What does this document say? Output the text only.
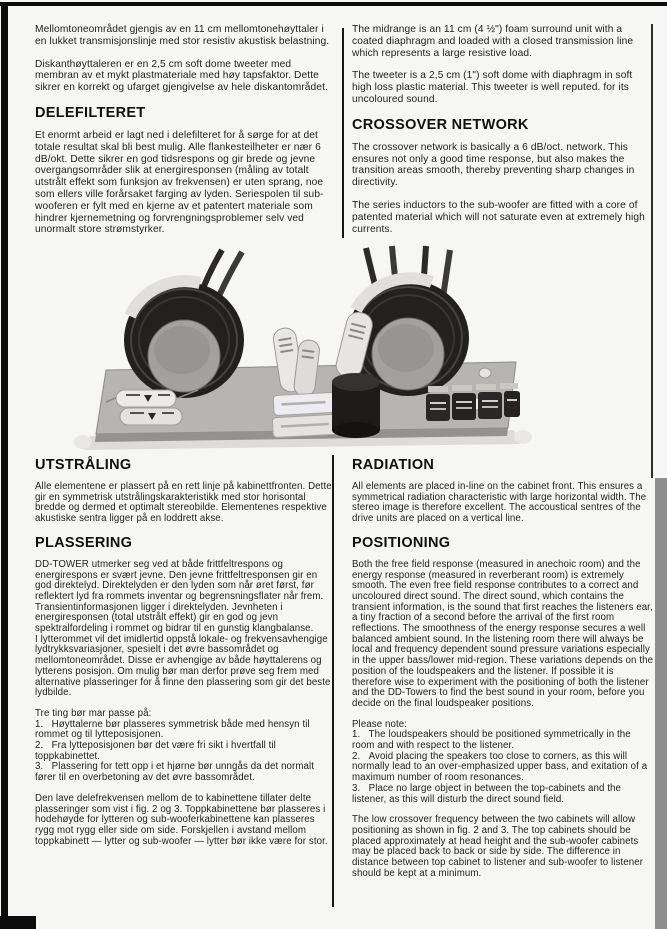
Mellomtoneområdet gjengis av en 11 cm mellomtonehøyttaler i en lukket transmisjonslinje med stor resistiv akustisk belastning.

Diskanthøyttaleren er en 2,5 cm soft dome tweeter med membran av et mykt plastmateriale med høy tapsfaktor. Dette sikrer en korrekt og ufarget gjengivelse av hele diskantområdet.

DELEFILTERET

Et enormt arbeid er lagt ned i delefilteret for å sørge for at det totale resultat skal bli best mulig. Alle flankesteilheter er nær 6 dB/okt. Dette sikrer en god tidsrespons og gir brede og jevne overgangsområder slik at energiresponsen (måling av totalt utstrålt effekt som funksjon av frekvensen) er uten sprang, noe som ellers ville forårsaket farging av lyden. Seriespolen til sub-wooferen er fylt med en kjerne av et patentert materiale som hindrer kjernemetning og forvrengningsproblemer selv ved unormalt store strømstyrker.

The midrange is an 11 cm (4 ½") foam surround unit with a coated diaphragm and loaded with a closed transmission line which represents a large resistive load.

The tweeter is a 2,5 cm (1") soft dome with diaphragm in soft high loss plastic material. This tweeter is well reputed. for its uncoloured sound.

CROSSOVER NETWORK

The crossover network is basically a 6 dB/oct. network. This ensures not only a good time response, but also makes the transition areas smooth, thereby preventing sharp changes in directivity.

The series inductors to the sub-woofer are fitted with a core of patented material which will not saturate even at extremely high currents.

UTSTRÅLING

Alle elementene er plassert på en rett linje på kabinettfronten. Dette gir en symmetrisk utstrålingskarakteristikk med stor horisontal bredde og dermed et optimalt stereobilde. Elementenes respektive akustiske sentra ligger på en loddrett akse.

PLASSERING

DD-TOWER utmerker seg ved at både frittfeltrespons og energirespons er svært jevne. Den jevne frittfeltresponsen gir en god direktelyd. Direktelyden er den lyden som når øret først, før reflektert lyd fra rommets inventar og begrensningsflater når frem. Transientinformasjonen ligger i direktelyden. Jevnheten i energiresponsen (total utstrålt effekt) gir en god og jevn spektralfordeling i rommet og bidrar til en gunstig klangbalanse.

I lytterommet vil det imidlertid oppstå lokale- og frekvensavhengige lydtrykksvariasjoner, spesielt i det øvre bassområdet og mellomtoneområdet. Disse er avhengige av både høyttalerens og lytterens posisjon. Om mulig bør man derfor prøve seg frem med alternative plasseringer for å finne den plassering som gir det beste lydbilde.

Tre ting bør mar passe på:

1.   Høyttalerne bør plasseres symmetrisk både med hensyn til rommet og til lytteposisjonen.

2.   Fra lytteposisjonen bør det være fri sikt i hvertfall til toppkabinettet.

3.   Plassering for tett opp i et hjørne bør unngås da det normalt fører til en overbetoning av det øvre bassområdet.

Den lave delefrekvensen mellom de to kabinettene tillater delte plasseringer som vist i fig. 2 og 3. Toppkabinettene bør plasseres i hodehøyde for lytteren og sub-wooferkabinettene kan plasseres rygg mot rygg eller side om side. Forskjellen i avstand mellom toppkabinett — lytter og sub-woofer — lytter bør ikke være for stor.

RADIATION

All elements are placed in-line on the cabinet front. This ensures a symmetrical radiation characteristic with large horizontal width. The stereo image is therefore excellent. The accoustical sentres of the drive units are placed on a vertical line.

POSITIONING

Both the free field response (measured in anechoic room) and the energy response (measured in reverberant room) is extremely smooth. The even free field response contributes to a correct and uncoloured direct sound. The direct sound, which contains the transient information, is the sound that first reaches the listeners ear, a tiny fraction of a second before the arrival of the first room reflections. The smoothness of the energy response secures a well balanced ambient sound. In the listening room there will always be local and frequency dependent sound pressure variations especially in the upper bass/lower mid-region. These variations depends on the position of the loudspeakers and the listener. If possible it is therefore wise to experiment with the positioning of both the listener and the DD-Towers to find the best sound in your room, before you decide on the final loudspeaker positions.

Please note:

1.   The loudspeakers should be positioned symmetrically in the room and with respect to the listener.

2.   Avoid placing the speakers too close to corners, as this will normally lead to an over-emphasized upper bass, and exitation of a maximum number of room resonances.

3.   Place no large object in between the top-cabinets and the listener, as this will disturb the direct sound field.

The low crossover frequency between the two cabinets will allow positioning as shown in fig. 2 and 3. The top cabinets should be placed approximately at head height and the sub-woofer cabinets may be placed back to back or side by side. The difference in distance between top cabinet to listener and sub-woofer to listener should be kept at a minimum.
